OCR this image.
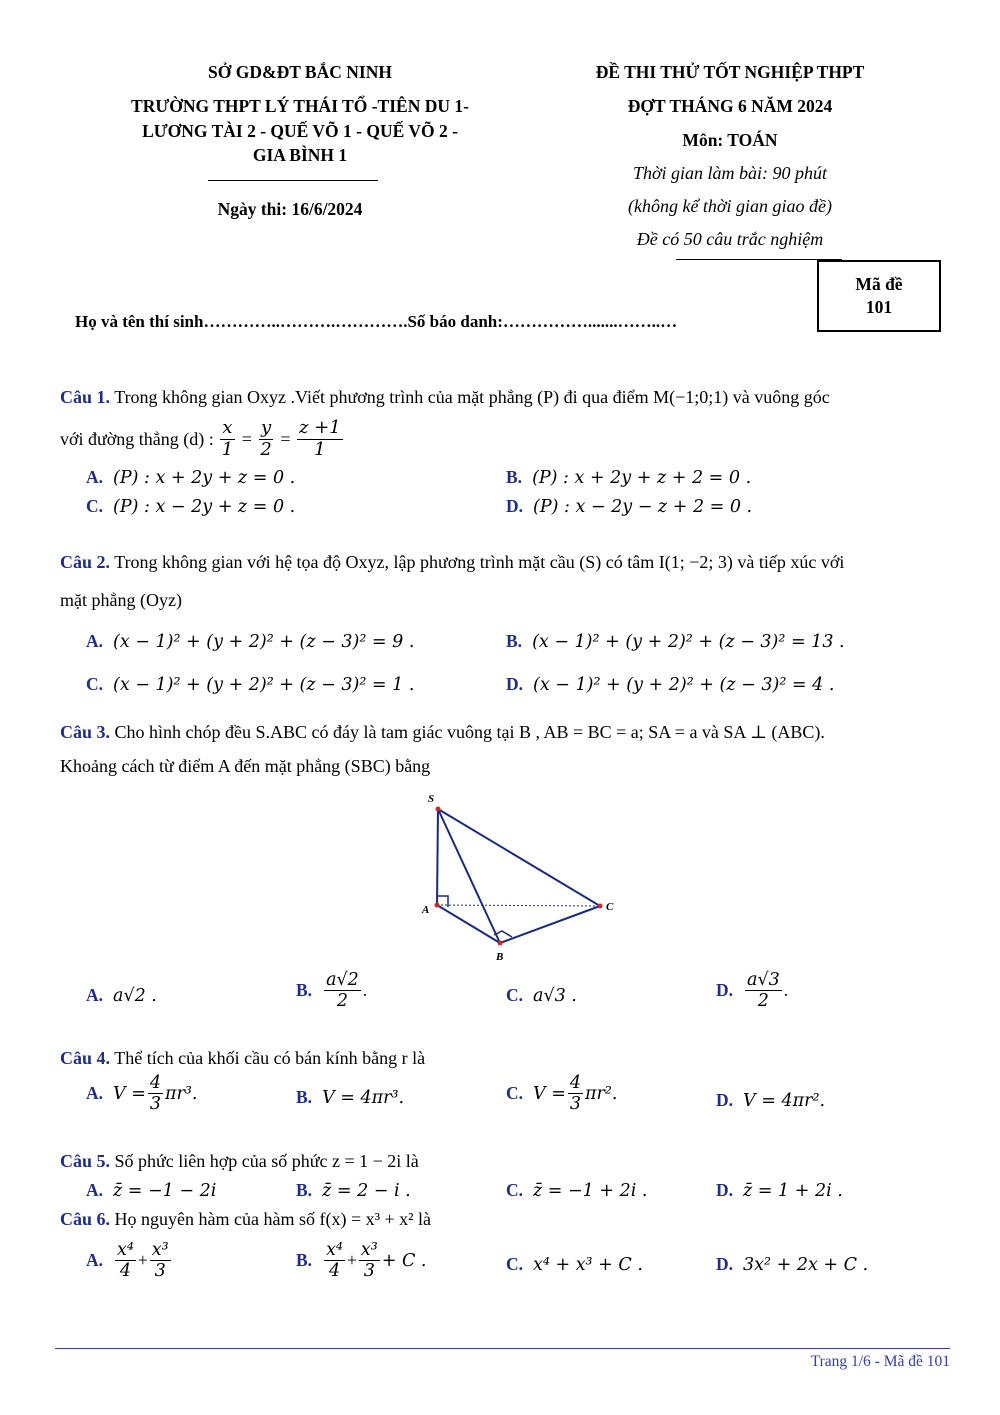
SỞ GD&ĐT BẮC NINH
TRƯỜNG THPT LÝ THÁI TỔ -TIÊN DU 1-
LƯƠNG TÀI 2 - QUẾ VÕ 1 - QUẾ VÕ 2 -
GIA BÌNH 1
Ngày thi: 16/6/2024
ĐỀ THI THỬ TỐT NGHIỆP THPT
ĐỢT THÁNG 6 NĂM 2024
Môn: TOÁN
Thời gian làm bài: 90 phút
(không kể thời gian giao đề)
Đề có 50 câu trắc nghiệm
Mã đề
101
Họ và tên thí sinh…………..……….………….Số báo danh:…………….......……..…
Câu 1. Trong không gian Oxyz .Viết phương trình của mặt phẳng (P) đi qua điểm M(−1;0;1) và vuông góc
với đường thẳng (d) : $\frac{x}{1} = \frac{y}{2} = \frac{z +1}{1}$
A. (P) : x + 2y + z = 0 .	B. (P) : x + 2y + z + 2 = 0 .
C. (P) : x − 2y + z = 0 .	D. (P) : x − 2y − z + 2 = 0 .
Câu 2. Trong không gian với hệ tọa độ Oxyz, lập phương trình mặt cầu (S) có tâm I(1; −2; 3) và tiếp xúc với
mặt phẳng (Oyz)
A. (x − 1)² + (y + 2)² + (z − 3)² = 9 .	B. (x − 1)² + (y + 2)² + (z − 3)² = 13 .
C. (x − 1)² + (y + 2)² + (z − 3)² = 1 .	D. (x − 1)² + (y + 2)² + (z − 3)² = 4 .
Câu 3. Cho hình chóp đều S.ABC có đáy là tam giác vuông tại B , AB = BC = a; SA = a và SA ⊥ (ABC).
Khoảng cách từ điểm A đến mặt phẳng (SBC) bằng
S
A
B
C
A. a√2 .	B. $\frac{a√2}{2}$ .	C. a√3 .	D. $\frac{a√3}{2}$ .
Câu 4. Thể tích của khối cầu có bán kính bằng r là
A. $V = \frac{4}{3} \pi r^3$.	B. V = 4πr³.	C. $V = \frac{4}{3} \pi r^2$.	D. V = 4πr².
Câu 5. Số phức liên hợp của số phức z = 1 − 2i là
A. z̄ = −1 − 2i	B. z̄ = 2 − i .	C. z̄ = −1 + 2i .	D. z̄ = 1 + 2i .
Câu 6. Họ nguyên hàm của hàm số f(x) = x³ + x² là
A. $\frac{\text{x⁴}}{4} + \frac{\text{x³}}{3}$	B. $\frac{\text{x⁴}}{4} + \frac{\text{x³}}{3} + C$ .	C. x⁴ + x³ + C .	D. 3x² + 2x + C .
Trang 1/6 - Mã đề 101
